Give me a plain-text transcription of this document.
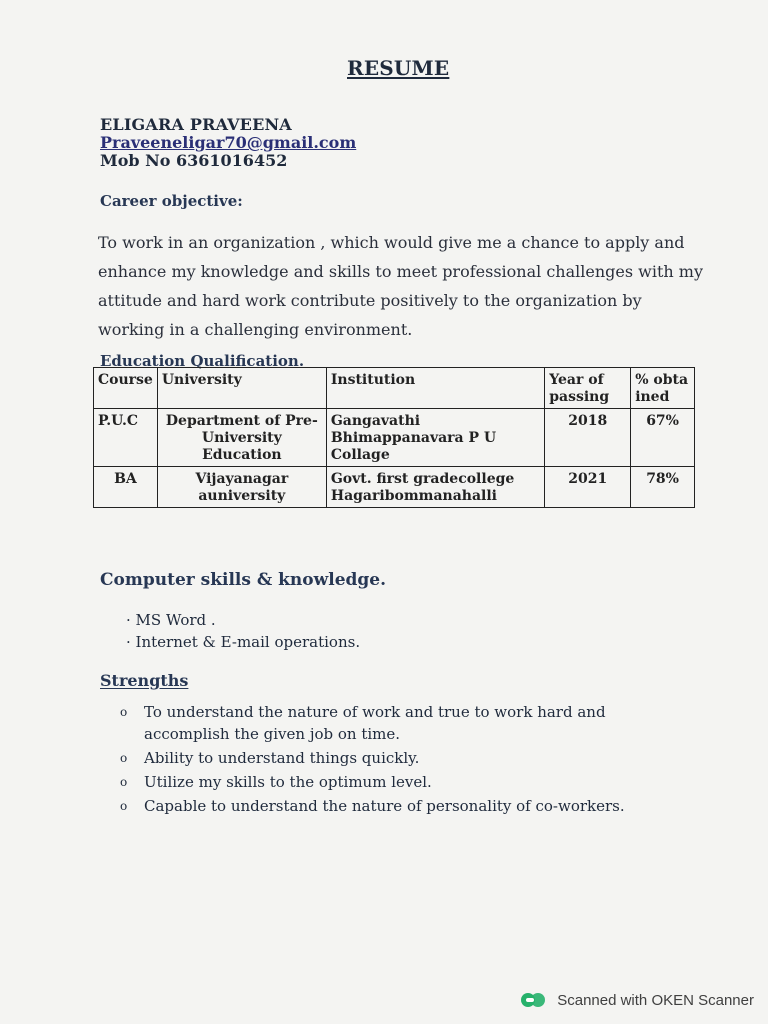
RESUME
ELIGARA PRAVEENA
Praveeneligar70@gmail.com
Mob No 6361016452
Career objective:
To work in an organization , which would give me a chance to apply and enhance my knowledge and skills to meet professional challenges with my attitude and hard work contribute positively to the organization by working in a challenging environment.
Education Qualification.
Course	University	Institution	Year of passing	% obta ined
P.U.C	Department of Pre-University Education	Gangavathi Bhimappanavara P U Collage	2018	67%
BA	Vijayanagar auniversity	Govt. first gradecollege Hagaribommanahalli	2021	78%
Computer skills & knowledge.
· MS Word .
· Internet & E-mail operations.
Strengths
o	To understand the nature of work and true to work hard and accomplish the given job on time.
o	Ability to understand things quickly.
o	Utilize my skills to the optimum level.
o	Capable to understand the nature of personality of co-workers.
Scanned with OKEN Scanner
